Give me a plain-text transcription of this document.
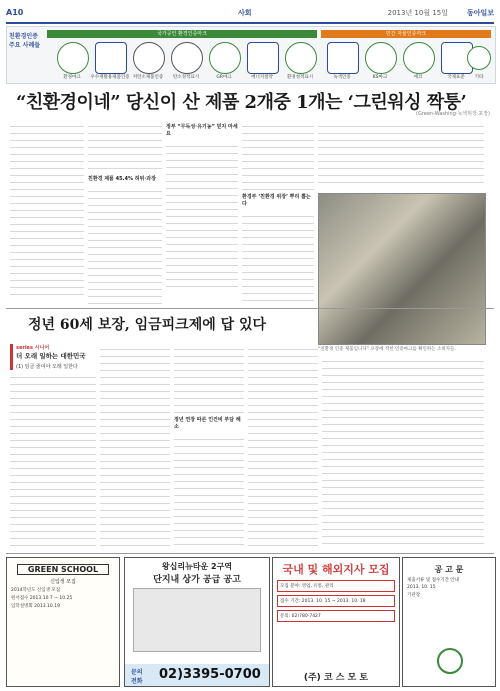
A10	사회	2013년 10월 15일	동아일보
친환경인증 주요 사례들
국가공인 환경인증마크	민간 자율인증마크
환경마크	우수재활용제품인증 저탄소제품인증	탄소성적표시	GR마크	에너지절약	환경성적표시	녹색인증	KS마크	에코	국제표준	기타
“친환경이네” 당신이 산 제품 2개중 1개는 ‘그린워싱 짝퉁’
(Green-Washing·녹색위장 포장)
친환경 제품 45.4% 허위·과장
정부 “무독성·유기농” 믿지 마세요
환경부 ‘친환경 위장’ 뿌리 뽑는다
“친환경 인증 제품입니다” 포장에 적힌 인증마크를 확인하는 소비자들.
정년 60세 보장, 임금피크제에 답 있다
series 시니어
더 오래 일하는 대한민국
(1) 임금 줄여야 오래 일한다
정년 연장 따른 인건비 부담 해소
GREEN SCHOOL
신입생 모집
2014학년도 신입생 모집
원서접수 2013.10.7 ~ 10.25
입학설명회 2013.10.19
왕십리뉴타운 2구역
단지내 상가 공급 공고
문의 전화	02)3395-0700
국내 및 해외지사 모집
모집 분야: 영업, 유통, 관리
접수 기간: 2013. 10. 15 ~ 2013. 10. 18
문의: 02)780-7427
(주) 코 스 모 토
공 고 문
제출서류 및 접수기간 안내
2013. 10. 15
기관장
